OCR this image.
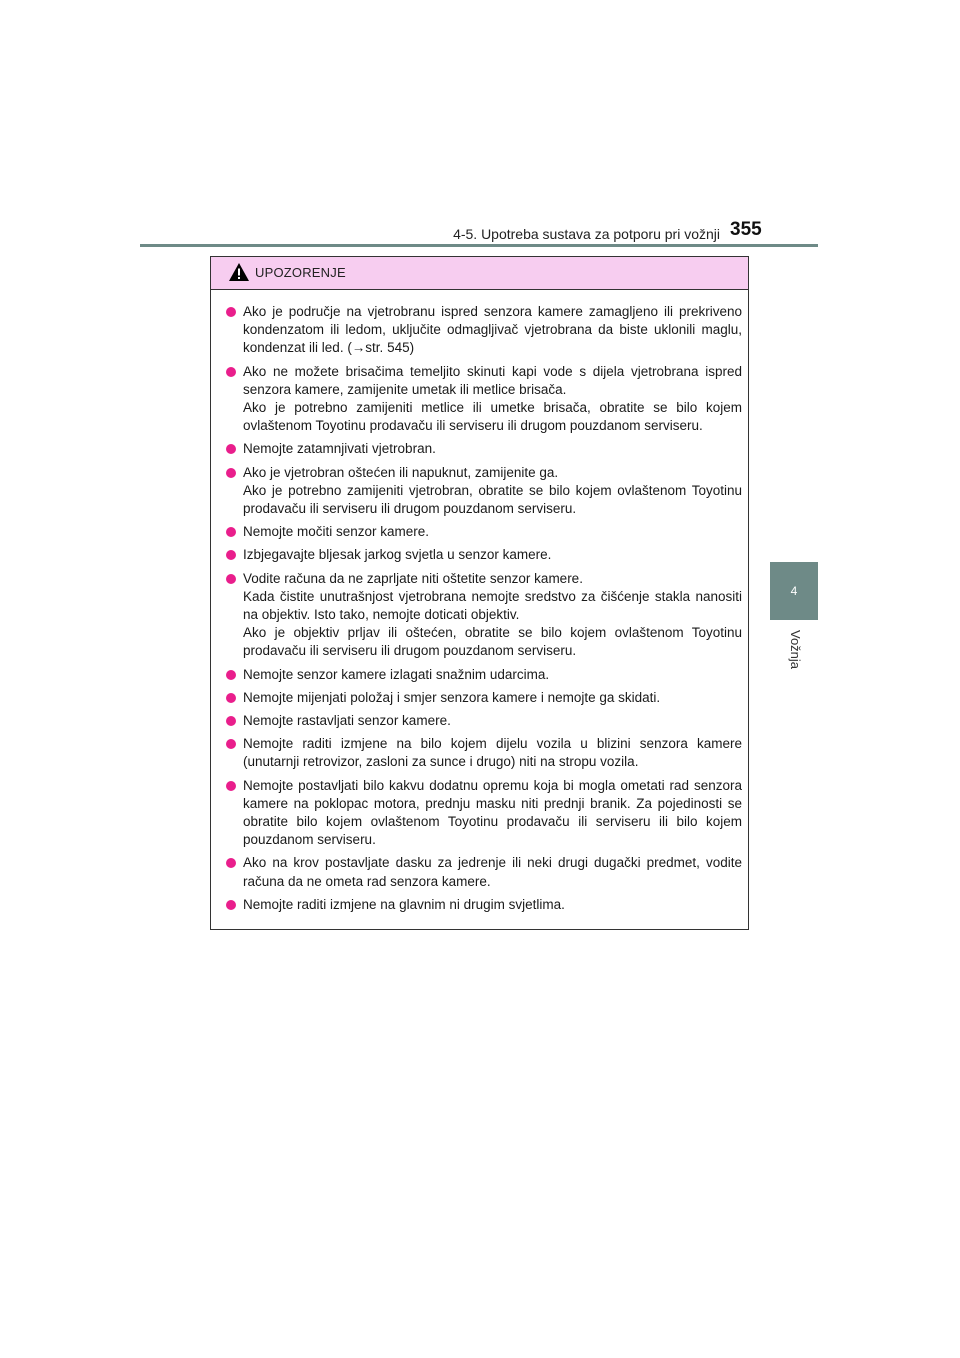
4-5. Upotreba sustava za potporu pri vožnji 355
4
Vožnja
UPOZORENJE
Ako je područje na vjetrobranu ispred senzora kamere zamagljeno ili prekriveno kondenzatom ili ledom, uključite odmagljivač vjetrobrana da biste uklonili maglu, kondenzat ili led. (→str. 545)
Ako ne možete brisačima temeljito skinuti kapi vode s dijela vjetrobrana ispred senzora kamere, zamijenite umetak ili metlice brisača.
Ako je potrebno zamijeniti metlice ili umetke brisača, obratite se bilo kojem ovlaštenom Toyotinu prodavaču ili serviseru ili drugom pouzdanom serviseru.
Nemojte zatamnjivati vjetrobran.
Ako je vjetrobran oštećen ili napuknut, zamijenite ga.
Ako je potrebno zamijeniti vjetrobran, obratite se bilo kojem ovlaštenom Toyotinu prodavaču ili serviseru ili drugom pouzdanom serviseru.
Nemojte močiti senzor kamere.
Izbjegavajte bljesak jarkog svjetla u senzor kamere.
Vodite računa da ne zaprljate niti oštetite senzor kamere.
Kada čistite unutrašnjost vjetrobrana nemojte sredstvo za čišćenje stakla nanositi na objektiv. Isto tako, nemojte doticati objektiv.
Ako je objektiv prljav ili oštećen, obratite se bilo kojem ovlaštenom Toyotinu prodavaču ili serviseru ili drugom pouzdanom serviseru.
Nemojte senzor kamere izlagati snažnim udarcima.
Nemojte mijenjati položaj i smjer senzora kamere i nemojte ga skidati.
Nemojte rastavljati senzor kamere.
Nemojte raditi izmjene na bilo kojem dijelu vozila u blizini senzora kamere (unutarnji retrovizor, zasloni za sunce i drugo) niti na stropu vozila.
Nemojte postavljati bilo kakvu dodatnu opremu koja bi mogla ometati rad senzora kamere na poklopac motora, prednju masku niti prednji branik. Za pojedinosti se obratite bilo kojem ovlaštenom Toyotinu prodavaču ili serviseru ili bilo kojem pouzdanom serviseru.
Ako na krov postavljate dasku za jedrenje ili neki drugi dugački predmet, vodite računa da ne ometa rad senzora kamere.
Nemojte raditi izmjene na glavnim ni drugim svjetlima.
